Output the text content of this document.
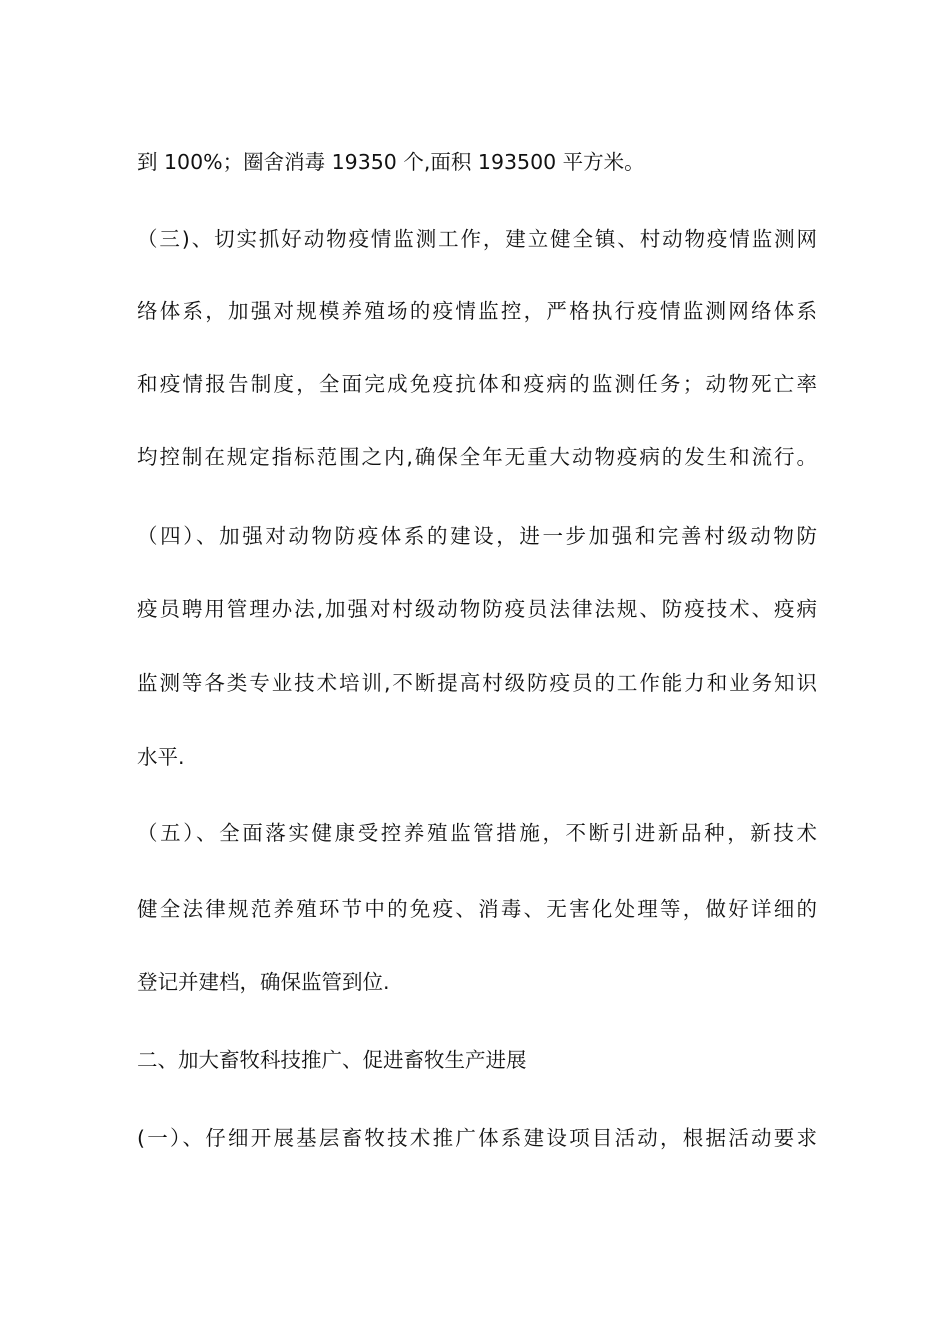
到 100%；圈舍消毒 19350 个,面积 193500 平方米。
（三)、切实抓好动物疫情监测工作，建立健全镇、村动物疫情监测网
络体系，加强对规模养殖场的疫情监控，严格执行疫情监测网络体系
和疫情报告制度，全面完成免疫抗体和疫病的监测任务；动物死亡率
均控制在规定指标范围之内,确保全年无重大动物疫病的发生和流行。
（四）、加强对动物防疫体系的建设，进一步加强和完善村级动物防
疫员聘用管理办法,加强对村级动物防疫员法律法规、防疫技术、疫病
监测等各类专业技术培训,不断提高村级防疫员的工作能力和业务知识
水平.
（五）、全面落实健康受控养殖监管措施，不断引进新品种，新技术
健全法律规范养殖环节中的免疫、消毒、无害化处理等，做好详细的
登记并建档，确保监管到位.
二、加大畜牧科技推广、促进畜牧生产进展
(一）、仔细开展基层畜牧技术推广体系建设项目活动，根据活动要求
